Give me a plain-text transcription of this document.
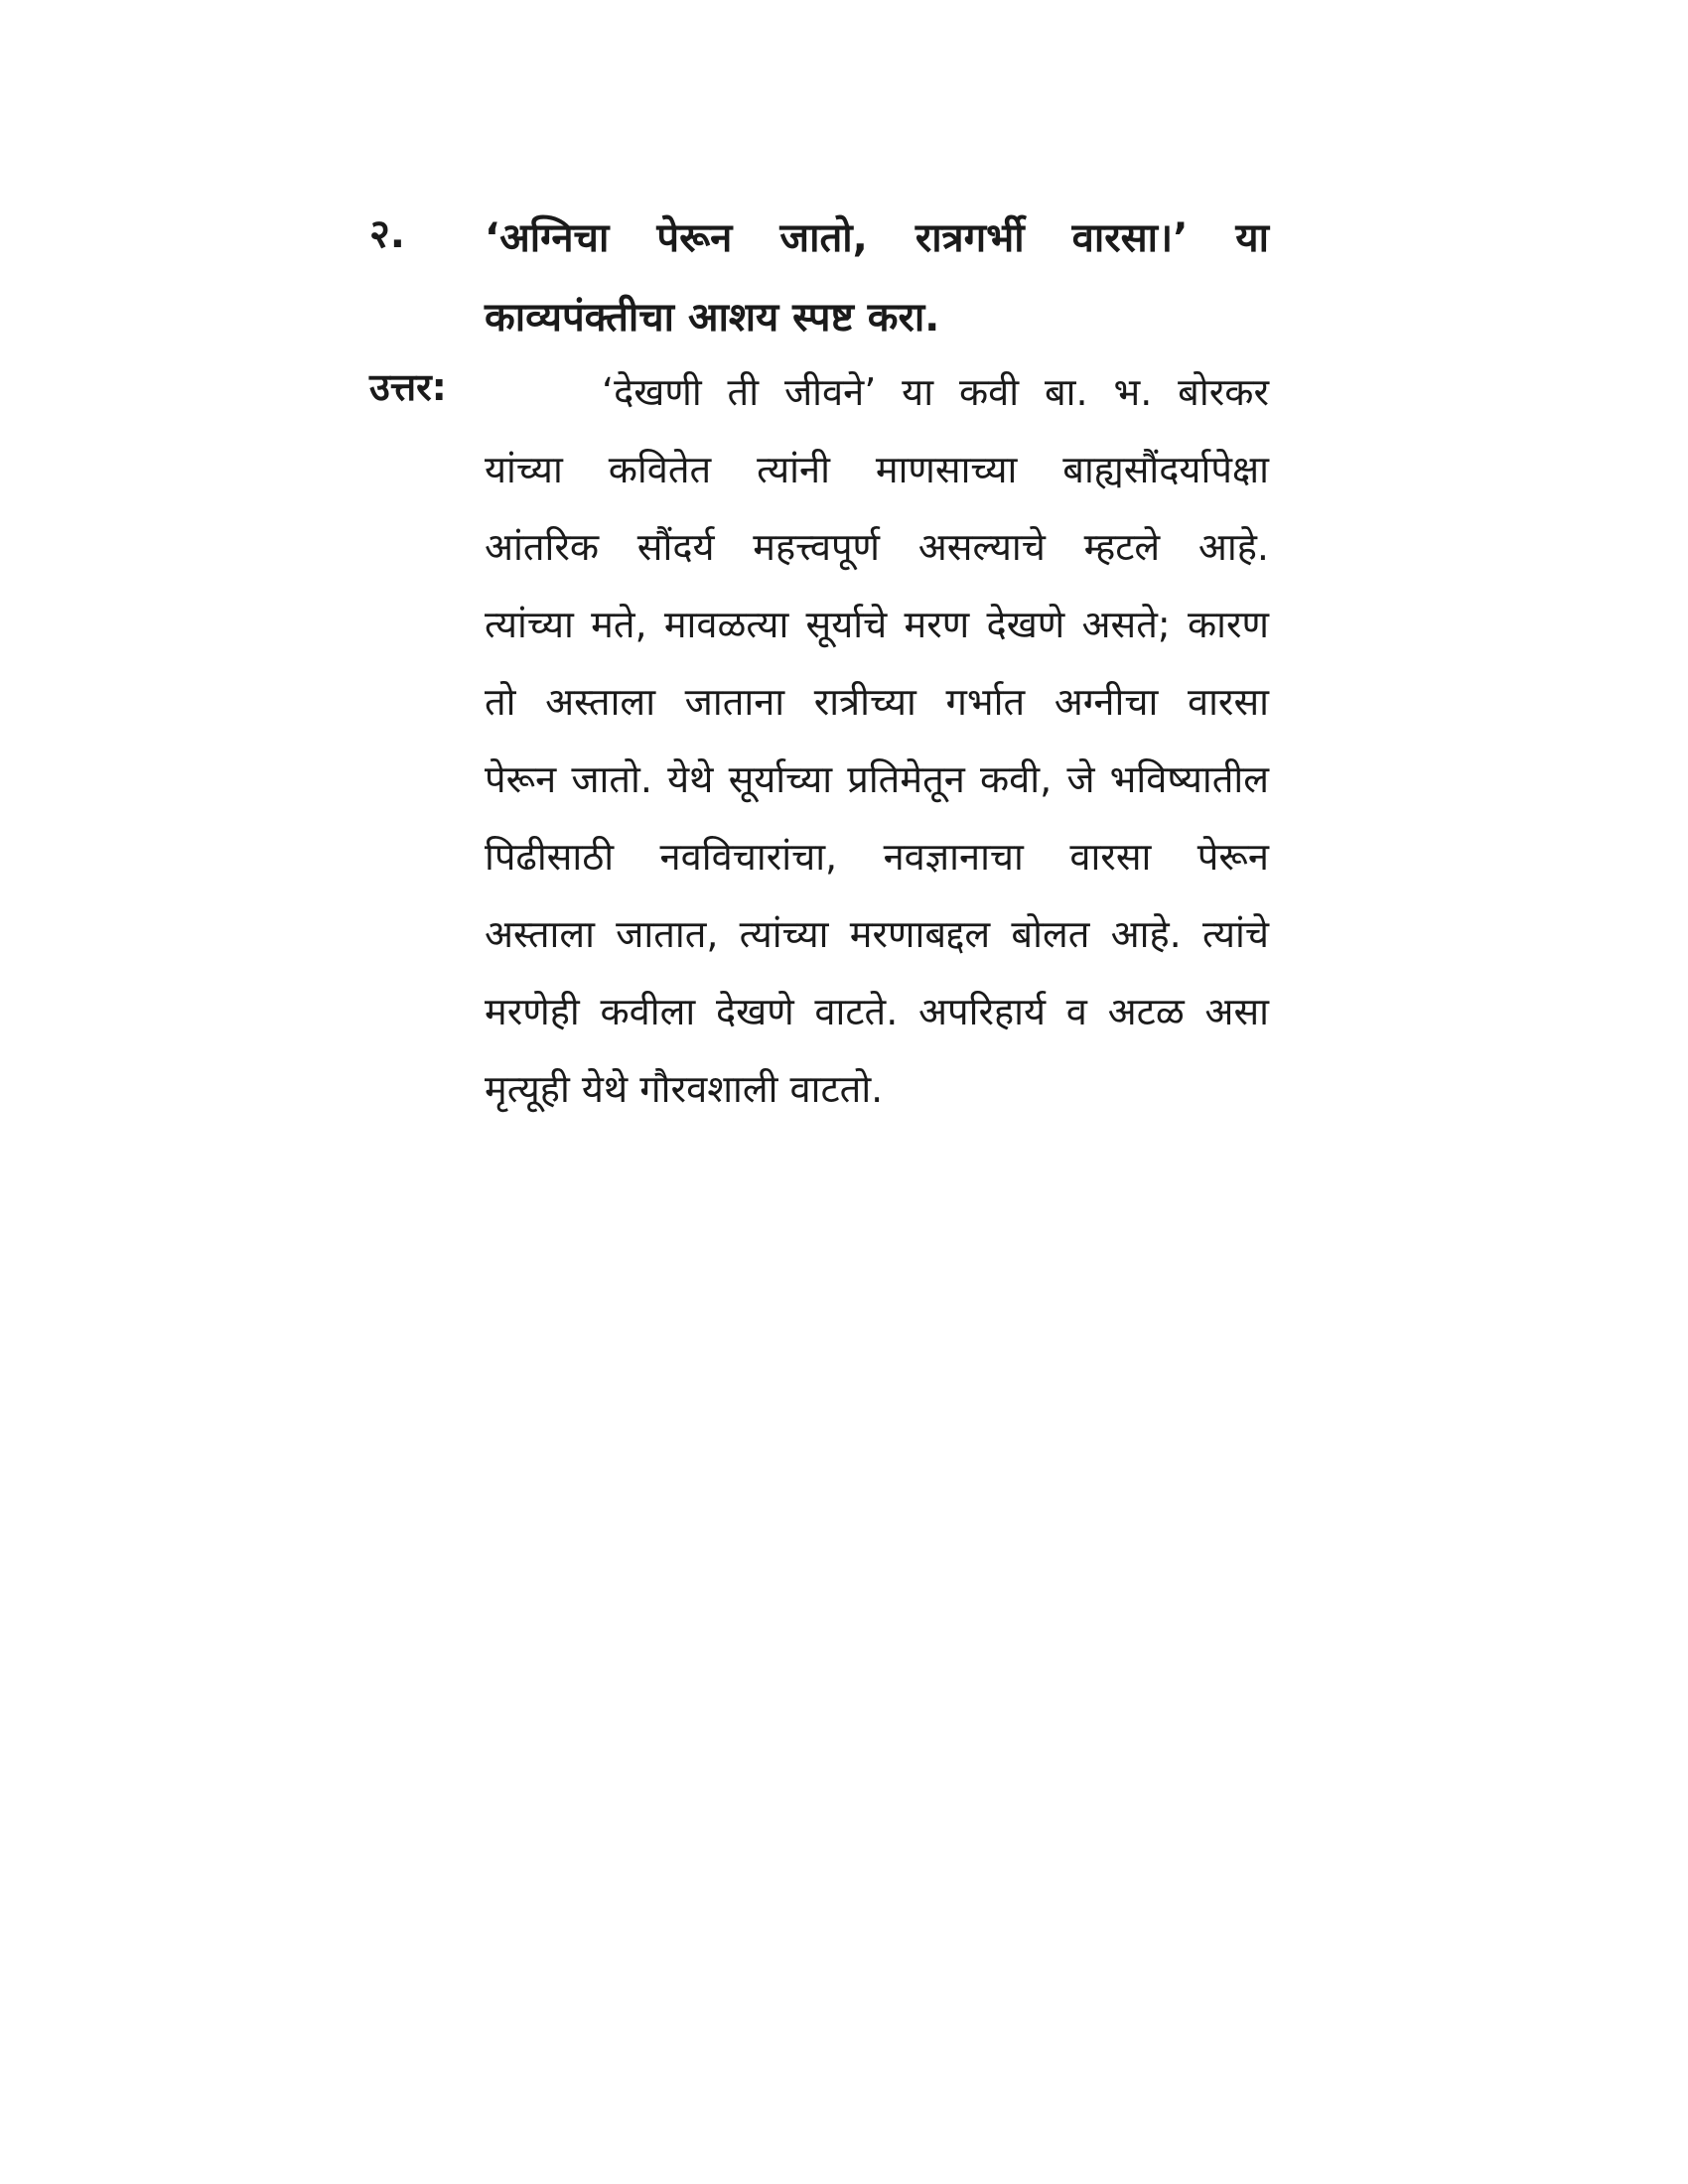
२. ‘अग्निचा पेरून जातो, रात्रगर्भी वारसा।’ या
काव्यपंक्तीचा आशय स्पष्ट करा.
उत्तर:	‘देखणी ती जीवने’ या कवी बा. भ. बोरकर
यांच्या कवितेत त्यांनी माणसाच्या बाह्यसौंदर्यापेक्षा
आंतरिक सौंदर्य महत्त्वपूर्ण असल्याचे म्हटले आहे.
त्यांच्या मते, मावळत्या सूर्याचे मरण देखणे असते; कारण
तो अस्ताला जाताना रात्रीच्या गर्भात अग्नीचा वारसा
पेरून जातो. येथे सूर्याच्या प्रतिमेतून कवी, जे भविष्यातील
पिढीसाठी नवविचारांचा, नवज्ञानाचा वारसा पेरून
अस्ताला जातात, त्यांच्या मरणाबद्दल बोलत आहे. त्यांचे
मरणेही कवीला देखणे वाटते. अपरिहार्य व अटळ असा
मृत्यूही येथे गौरवशाली वाटतो.
